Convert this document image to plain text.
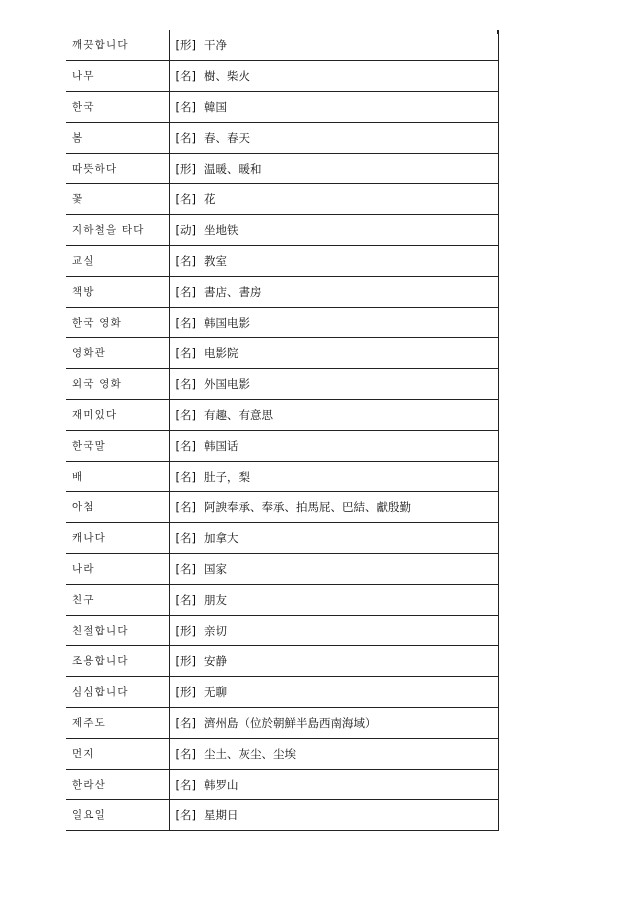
깨끗합니다	[形] 干净
나무	[名] 樹、柴火
한국	[名] 韓国
봄	[名] 春、春天
따뜻하다	[形] 温暖、暖和
꽃	[名] 花
지하철을 타다	[动] 坐地铁
교실	[名] 教室
책방	[名] 書店、書房
한국 영화	[名] 韩国电影
영화관	[名] 电影院
외국 영화	[名] 外国电影
재미있다	[名] 有趣、有意思
한국말	[名] 韩国话
배	[名] 肚子，梨
아첨	[名] 阿諛奉承、奉承、拍馬屁、巴結、獻殷勤
캐나다	[名] 加拿大
나라	[名] 国家
친구	[名] 朋友
친절합니다	[形] 亲切
조용합니다	[形] 安静
심심합니다	[形] 无聊
제주도	[名] 濟州島（位於朝鮮半島西南海域）
먼지	[名] 尘土、灰尘、尘埃
한라산	[名] 韩罗山
일요일	[名] 星期日
